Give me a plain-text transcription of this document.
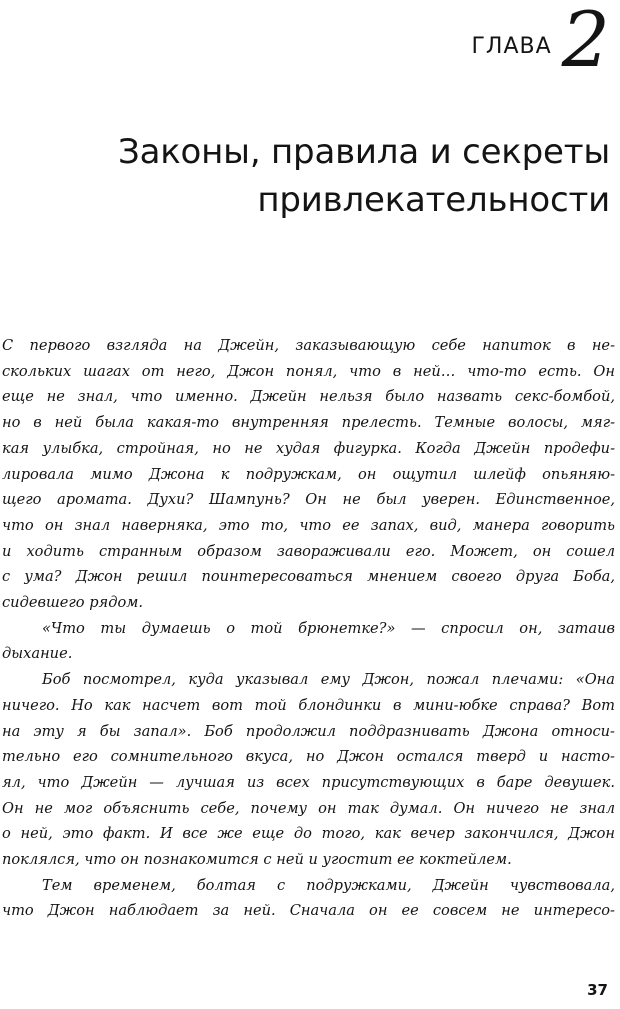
ГЛАВА 2
Законы, правила и секреты
привлекательности
С первого взгляда на Джейн, заказывающую себе напиток в не-
скольких шагах от него, Джон понял, что в ней… что-то есть. Он
еще не знал, что именно. Джейн нельзя было назвать секс-бомбой,
но в ней была какая-то внутренняя прелесть. Темные волосы, мяг-
кая улыбка, стройная, но не худая фигурка. Когда Джейн продефи-
лировала мимо Джона к подружкам, он ощутил шлейф опьяняю-
щего аромата. Духи? Шампунь? Он не был уверен. Единственное,
что он знал наверняка, это то, что ее запах, вид, манера говорить
и ходить странным образом завораживали его. Может, он сошел
с ума? Джон решил поинтересоваться мнением своего друга Боба,
сидевшего рядом.
«Что ты думаешь о той брюнетке?» — спросил он, затаив
дыхание.
Боб посмотрел, куда указывал ему Джон, пожал плечами: «Она
ничего. Но как насчет вот той блондинки в мини-юбке справа? Вот
на эту я бы запал». Боб продолжил поддразнивать Джона относи-
тельно его сомнительного вкуса, но Джон остался тверд и насто-
ял, что Джейн — лучшая из всех присутствующих в баре девушек.
Он не мог объяснить себе, почему он так думал. Он ничего не знал
о ней, это факт. И все же еще до того, как вечер закончился, Джон
поклялся, что он познакомится с ней и угостит ее коктейлем.
Тем временем, болтая с подружками, Джейн чувствовала,
что Джон наблюдает за ней. Сначала он ее совсем не интересо-
37
